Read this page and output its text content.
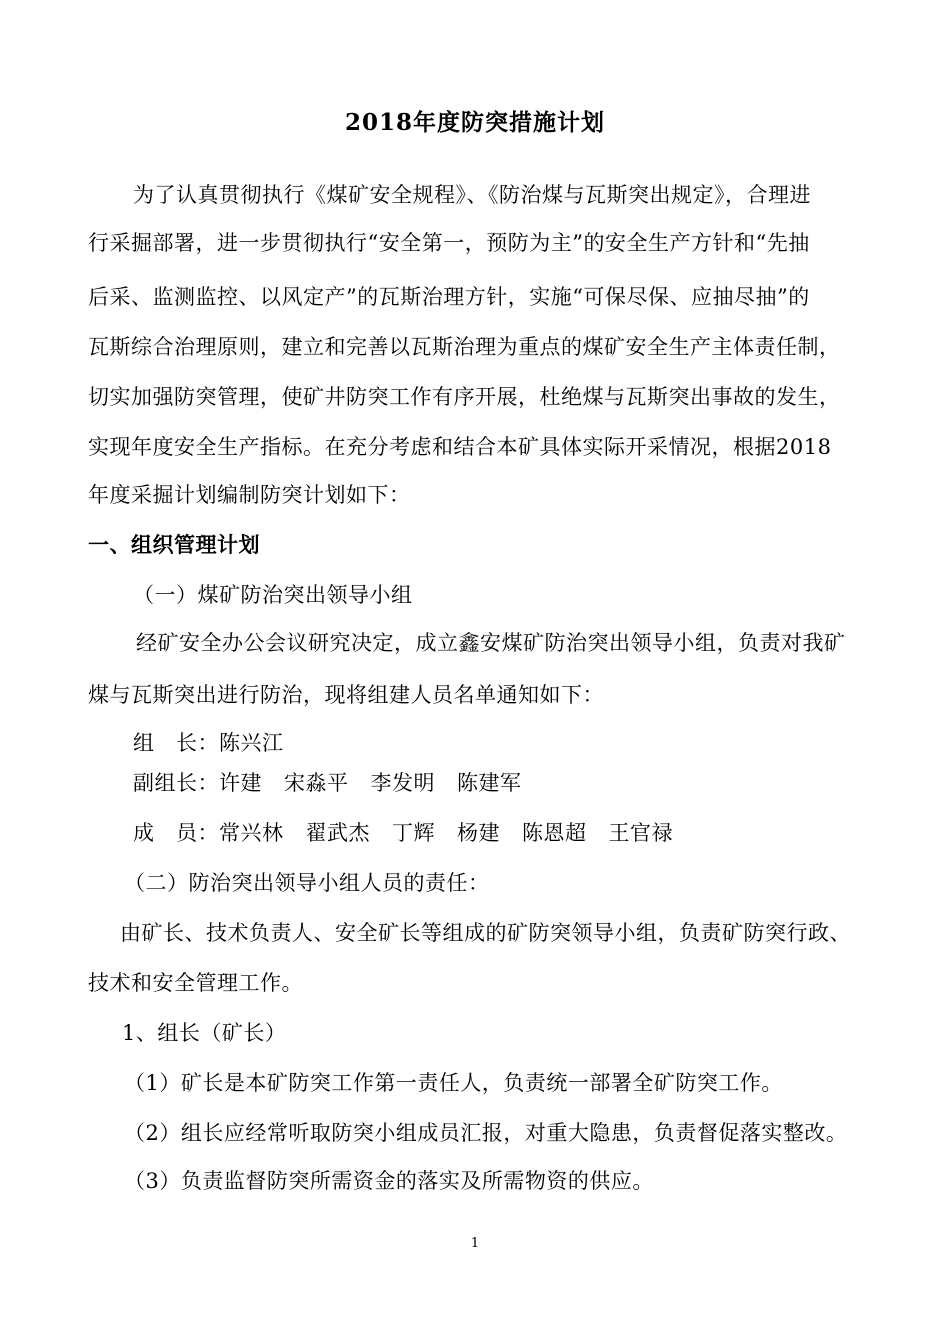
2018年度防突措施计划
为了认真贯彻执行《煤矿安全规程》、《防治煤与瓦斯突出规定》，合理进
行采掘部署，进一步贯彻执行“安全第一，预防为主”的安全生产方针和“先抽
后采、监测监控、以风定产”的瓦斯治理方针，实施“可保尽保、应抽尽抽”的
瓦斯综合治理原则，建立和完善以瓦斯治理为重点的煤矿安全生产主体责任制，
切实加强防突管理，使矿井防突工作有序开展，杜绝煤与瓦斯突出事故的发生，
实现年度安全生产指标。在充分考虑和结合本矿具体实际开采情况，根据2018
年度采掘计划编制防突计划如下：
一、组织管理计划
（一）煤矿防治突出领导小组
经矿安全办公会议研究决定，成立鑫安煤矿防治突出领导小组，负责对我矿
煤与瓦斯突出进行防治，现将组建人员名单通知如下：
组　长：陈兴江
副组长：许建 宋淼平 李发明 陈建军
成　员：常兴林 翟武杰 丁辉 杨建 陈恩超 王官禄
（二）防治突出领导小组人员的责任：
由矿长、技术负责人、安全矿长等组成的矿防突领导小组，负责矿防突行政、
技术和安全管理工作。
1、组长（矿长）
（1）矿长是本矿防突工作第一责任人，负责统一部署全矿防突工作。
（2）组长应经常听取防突小组成员汇报，对重大隐患，负责督促落实整改。
（3）负责监督防突所需资金的落实及所需物资的供应。
1
